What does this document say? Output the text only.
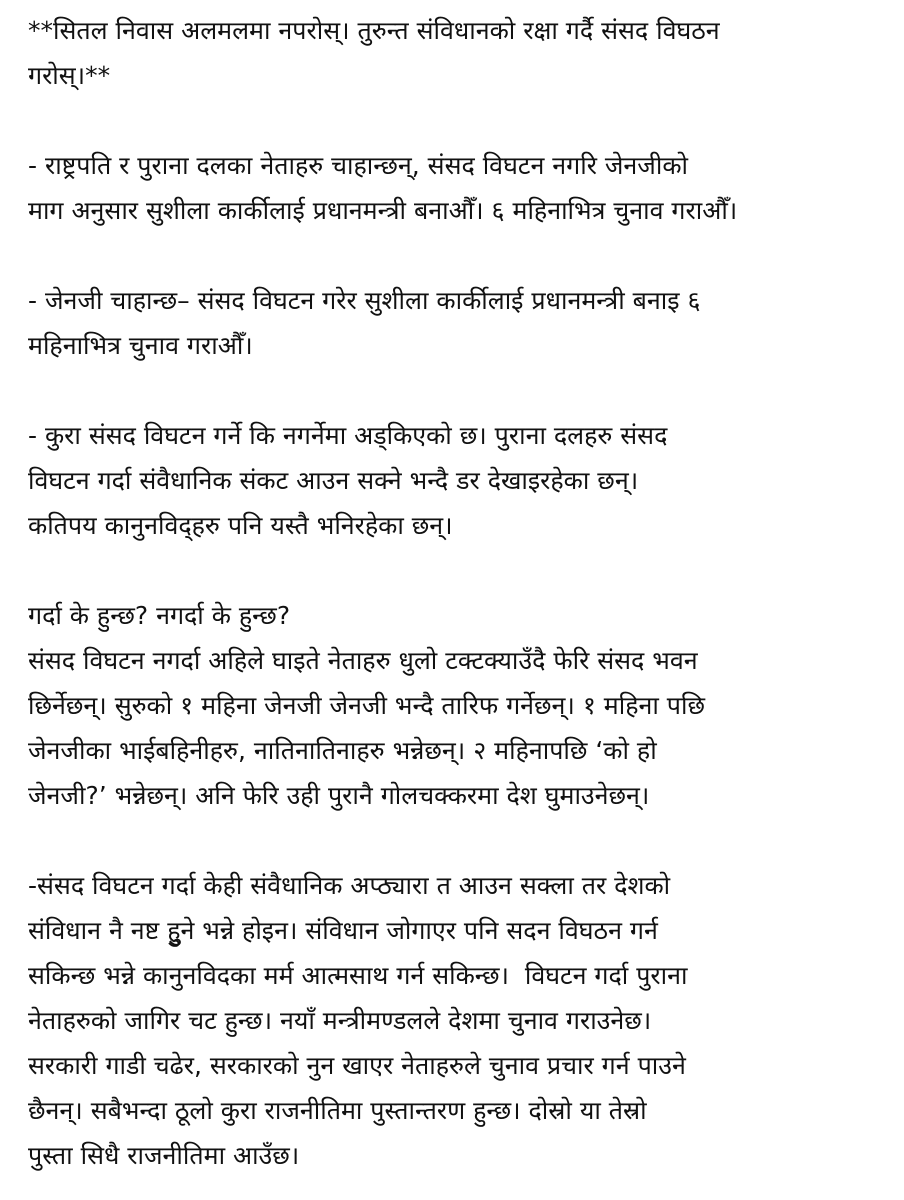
**सितल निवास अलमलमा नपरोस्। तुरुन्त संविधानको रक्षा गर्दै संसद विघठन
गरोस्।**

- राष्ट्रपति र पुराना दलका नेताहरु चाहान्छन्, संसद विघटन नगरि जेनजीको
माग अनुसार सुशीला कार्कीलाई प्रधानमन्त्री बनाऔँ। ६ महिनाभित्र चुनाव गराऔँ।

- जेनजी चाहान्छ– संसद विघटन गरेर सुशीला कार्कीलाई प्रधानमन्त्री बनाइ ६
महिनाभित्र चुनाव गराऔँ।

- कुरा संसद विघटन गर्ने कि नगर्नेमा अड्किएको छ। पुराना दलहरु संसद
विघटन गर्दा संवैधानिक संकट आउन सक्ने भन्दै डर देखाइरहेका छन्।
कतिपय कानुनविद्हरु पनि यस्तै भनिरहेका छन्।

गर्दा के हुन्छ? नगर्दा के हुन्छ?

संसद विघटन नगर्दा अहिले घाइते नेताहरु धुलो टक्टक्याउँदै फेरि संसद भवन
छिर्नेछन्। सुरुको १ महिना जेनजी जेनजी भन्दै तारिफ गर्नेछन्। १ महिना पछि
जेनजीका भाईबहिनीहरु, नातिनातिनाहरु भन्नेछन्। २ महिनापछि ‘को हो
जेनजी?’ भन्नेछन्। अनि फेरि उही पुरानै गोलचक्करमा देश घुमाउनेछन्।

-संसद विघटन गर्दा केही संवैधानिक अप्ठ्यारा त आउन सक्ला तर देशको
संविधान नै नष्ट हुुने भन्ने होइन। संविधान जोगाएर पनि सदन विघठन गर्न
सकिन्छ भन्ने कानुनविदका मर्म आत्मसाथ गर्न सकिन्छ।  विघटन गर्दा पुराना
नेताहरुको जागिर चट हुन्छ। नयाँ मन्त्रीमण्डलले देशमा चुनाव गराउनेछ।
सरकारी गाडी चढेर, सरकारको नुन खाएर नेताहरुले चुनाव प्रचार गर्न पाउने
छैनन्। सबैभन्दा ठूलाे कुरा राजनीतिमा पुस्तान्तरण हुन्छ। दाेस्राे या तेस्राे
पुस्ता सिधै राजनीतिमा आउँछ।
